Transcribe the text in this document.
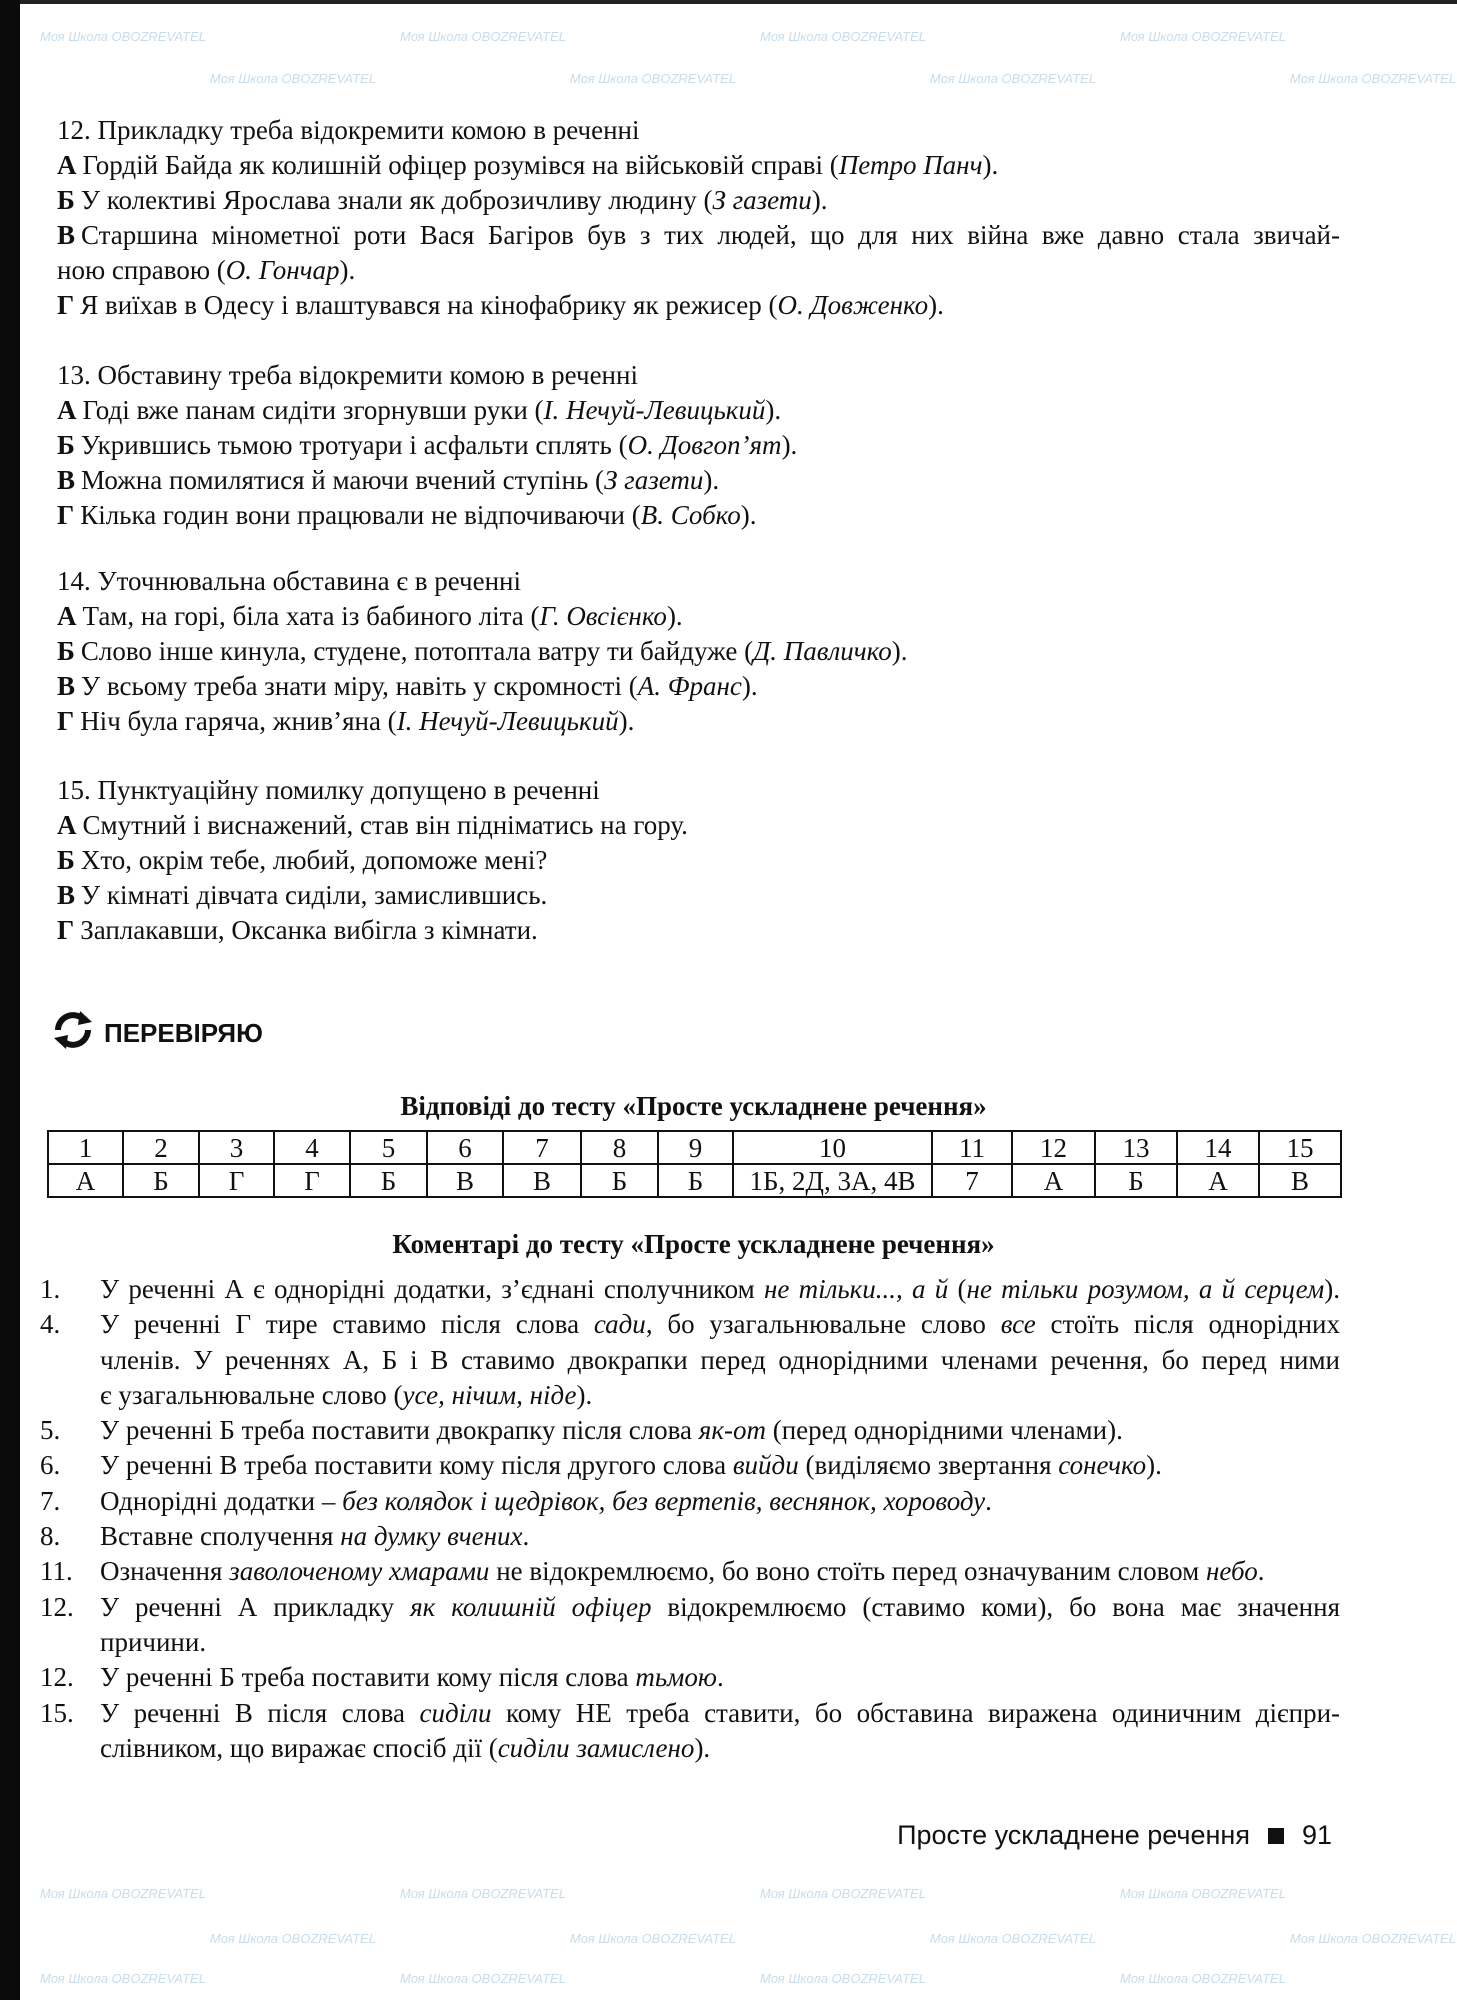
Моя Школа OBOZREVATEL	Моя Школа OBOZREVATEL	Моя Школа OBOZREVATEL	Моя Школа OBOZREVATEL
Моя Школа OBOZREVATEL	Моя Школа OBOZREVATEL	Моя Школа OBOZREVATEL	Моя Школа OBOZREVATEL
Моя Школа OBOZREVATEL	Моя Школа OBOZREVATEL	Моя Школа OBOZREVATEL	Моя Школа OBOZREVATEL
Моя Школа OBOZREVATEL	Моя Школа OBOZREVATEL	Моя Школа OBOZREVATEL	Моя Школа OBOZREVATEL
Моя Школа OBOZREVATEL	Моя Школа OBOZREVATEL	Моя Школа OBOZREVATEL	Моя Школа OBOZREVATEL
12. Прикладку треба відокремити комою в реченні
А Гордій Байда як колишній офіцер розумівся на військовій справі (Петро Панч).
Б У колективі Ярослава знали як доброзичливу людину (З газети).
В Старшина мінометної роти Вася Багіров був з тих людей, що для них війна вже давно стала звичай-
ною справою (О. Гончар).
Г Я виїхав в Одесу і влаштувався на кінофабрику як режисер (О. Довженко).
13. Обставину треба відокремити комою в реченні
А Годі вже панам сидіти згорнувши руки (І. Нечуй-Левицький).
Б Укрившись тьмою тротуари і асфальти сплять (О. Довгоп’ят).
В Можна помилятися й маючи вчений ступінь (З газети).
Г Кілька годин вони працювали не відпочиваючи (В. Собко).
14. Уточнювальна обставина є в реченні
А Там, на горі, біла хата із бабиного літа (Г. Овсієнко).
Б Слово інше кинула, студене, потоптала ватру ти байдуже (Д. Павличко).
В У всьому треба знати міру, навіть у скромності (А. Франс).
Г Ніч була гаряча, жнив’яна (І. Нечуй-Левицький).
15. Пунктуаційну помилку допущено в реченні
А Смутний і виснажений, став він підніматись на гору.
Б Хто, окрім тебе, любий, допоможе мені?
В У кімнаті дівчата сиділи, замислившись.
Г Заплакавши, Оксанка вибігла з кімнати.
ПЕРЕВІРЯЮ
Відповіді до тесту «Просте ускладнене речення»
1	2	3	4	5	6	7	8	9	10	11	12	13	14	15
А	Б	Г	Г	Б	В	В	Б	Б	1Б, 2Д, 3А, 4В	7	А	Б	А	В
Коментарі до тесту «Просте ускладнене речення»
1.	У реченні А є однорідні додатки, з’єднані сполучником не тільки..., а й (не тільки розумом, а й серцем).
4.	У реченні Г тире ставимо після слова сади, бо узагальнювальне слово все стоїть після однорідних
членів. У реченнях А, Б і В ставимо двокрапки перед однорідними членами речення, бо перед ними
є узагальнювальне слово (усе, нічим, ніде).
5.	У реченні Б треба поставити двокрапку після слова як-от (перед однорідними членами).
6.	У реченні В треба поставити кому після другого слова вийди (виділяємо звертання сонечко).
7.	Однорідні додатки – без колядок і щедрівок, без вертепів, веснянок, хороводу.
8.	Вставне сполучення на думку вчених.
11.	Означення заволоченому хмарами не відокремлюємо, бо воно стоїть перед означуваним словом небо.
12. У реченні А прикладку як колишній офіцер відокремлюємо (ставимо коми), бо вона має значення
причини.
12. У реченні Б треба поставити кому після слова тьмою.
15. У реченні В після слова сиділи кому НЕ треба ставити, бо обставина виражена одиничним дієпри-
слівником, що виражає спосіб дії (сиділи замислено).
Просте ускладнене речення 91
